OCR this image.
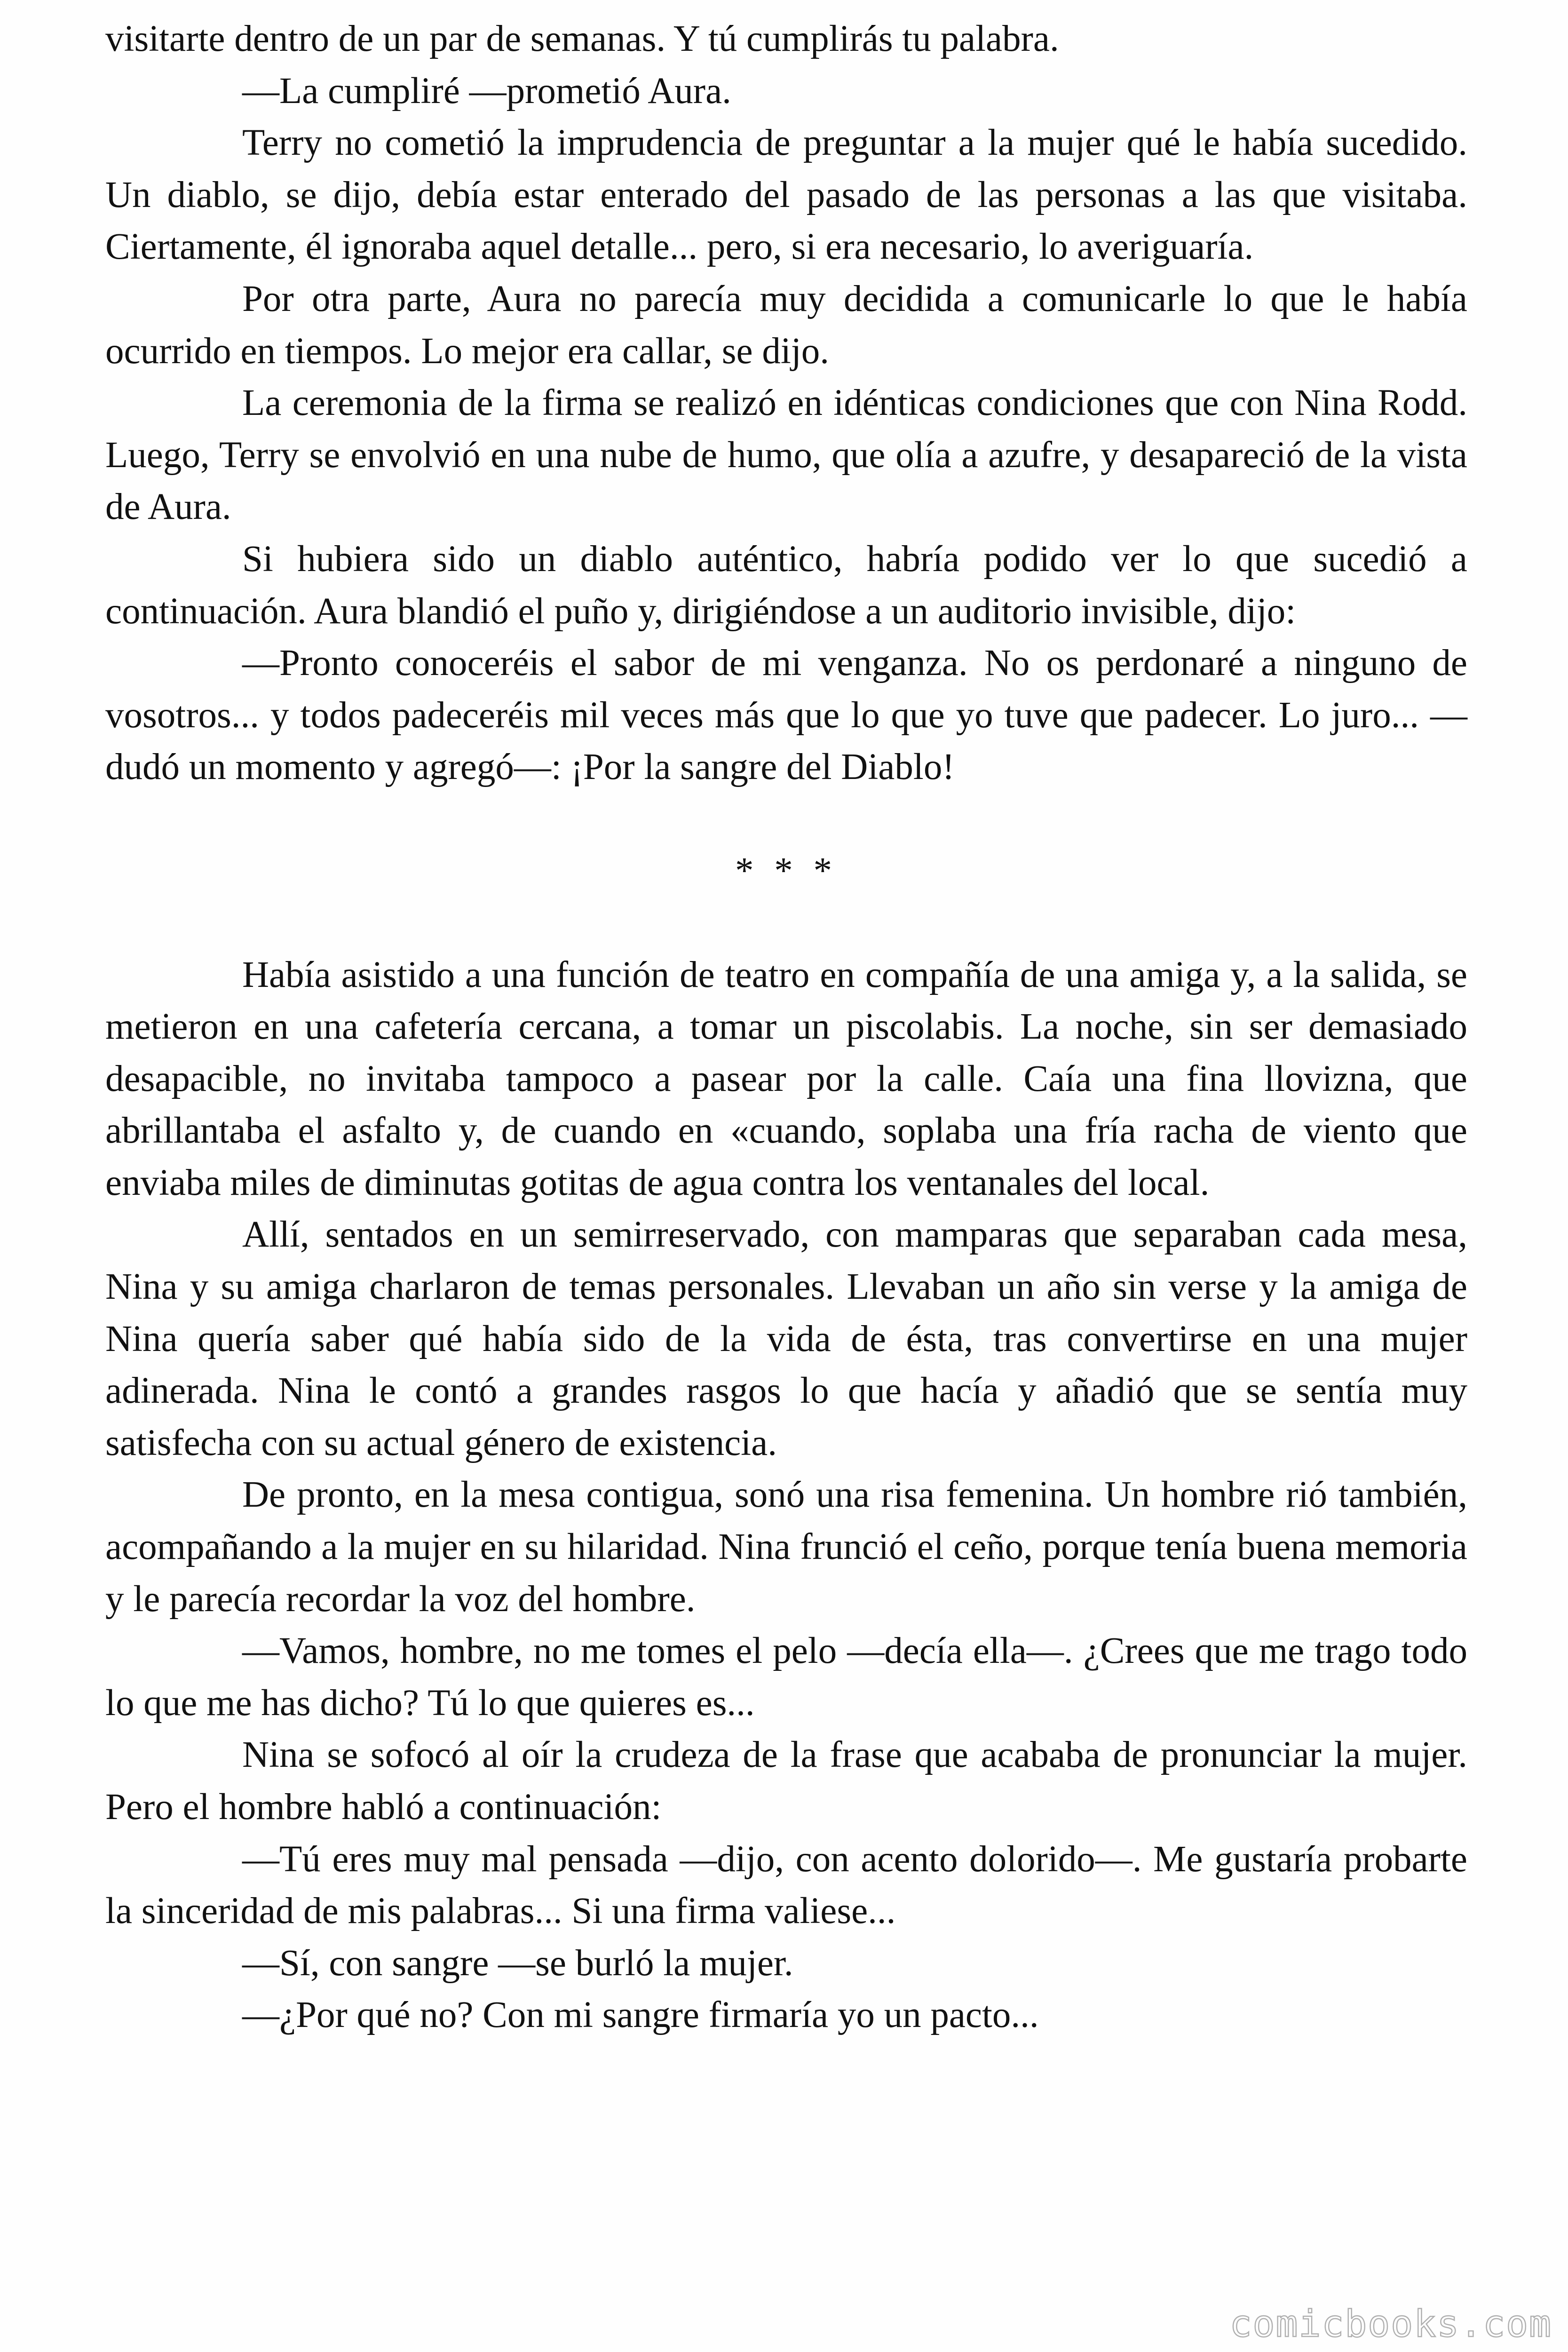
visitarte dentro de un par de semanas. Y tú cumplirás tu palabra.

—La cumpliré —prometió Aura.

Terry no cometió la imprudencia de preguntar a la mujer qué le había sucedido. Un diablo, se dijo, debía estar enterado del pasado de las personas a las que visitaba. Ciertamente, él ignoraba aquel detalle... pero, si era necesario, lo averiguaría.

Por otra parte, Aura no parecía muy decidida a comunicarle lo que le había ocurrido en tiempos. Lo mejor era callar, se dijo.

La ceremonia de la firma se realizó en idénticas condiciones que con Nina Rodd. Luego, Terry se envolvió en una nube de humo, que olía a azufre, y desapareció de la vista de Aura.

Si hubiera sido un diablo auténtico, habría podido ver lo que sucedió a continuación. Aura blandió el puño y, dirigiéndose a un auditorio invisible, dijo:

—Pronto conoceréis el sabor de mi venganza. No os perdonaré a ninguno de vosotros... y todos padeceréis mil veces más que lo que yo tuve que padecer. Lo juro... —dudó un momento y agregó—: ¡Por la sangre del Diablo!

* * *

Había asistido a una función de teatro en compañía de una amiga y, a la salida, se metieron en una cafetería cercana, a tomar un piscolabis. La noche, sin ser demasiado desapacible, no invitaba tampoco a pasear por la calle. Caía una fina llovizna, que abrillantaba el asfalto y, de cuando en «cuando, soplaba una fría racha de viento que enviaba miles de diminutas gotitas de agua contra los ventanales del local.

Allí, sentados en un semirreservado, con mamparas que separaban cada mesa, Nina y su amiga charlaron de temas personales. Llevaban un año sin verse y la amiga de Nina quería saber qué había sido de la vida de ésta, tras convertirse en una mujer adinerada. Nina le contó a grandes rasgos lo que hacía y añadió que se sentía muy satisfecha con su actual género de existencia.

De pronto, en la mesa contigua, sonó una risa femenina. Un hombre rió también, acompañando a la mujer en su hilaridad. Nina frunció el ceño, porque tenía buena memoria y le parecía recordar la voz del hombre.

—Vamos, hombre, no me tomes el pelo —decía ella—. ¿Crees que me trago todo lo que me has dicho? Tú lo que quieres es...

Nina se sofocó al oír la crudeza de la frase que acababa de pronunciar la mujer. Pero el hombre habló a continuación:

—Tú eres muy mal pensada —dijo, con acento dolorido—. Me gustaría probarte la sinceridad de mis palabras... Si una firma valiese...

—Sí, con sangre —se burló la mujer.

—¿Por qué no? Con mi sangre firmaría yo un pacto...

comicbooks.com
